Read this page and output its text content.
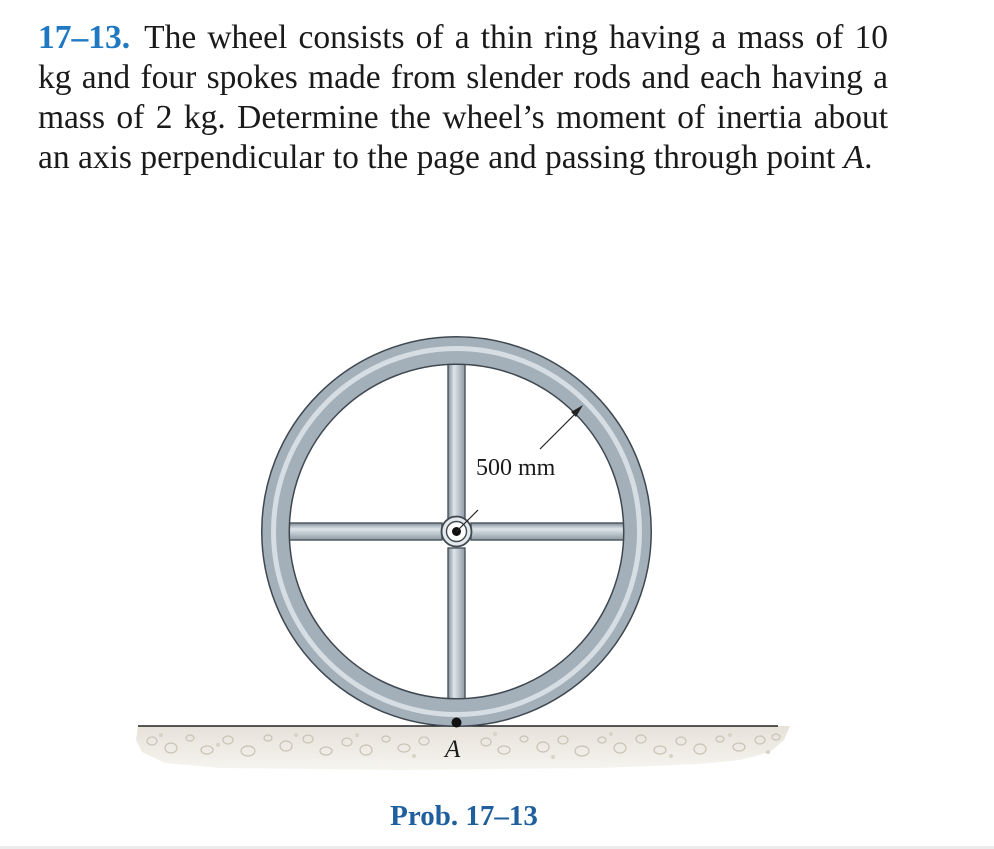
17–13. The wheel consists of a thin ring having a mass of 10 kg and four spokes made from slender rods and each having a mass of 2 kg. Determine the wheel’s moment of inertia about an axis perpendicular to the page and passing through point A.
500 mm
A
Prob. 17–13
